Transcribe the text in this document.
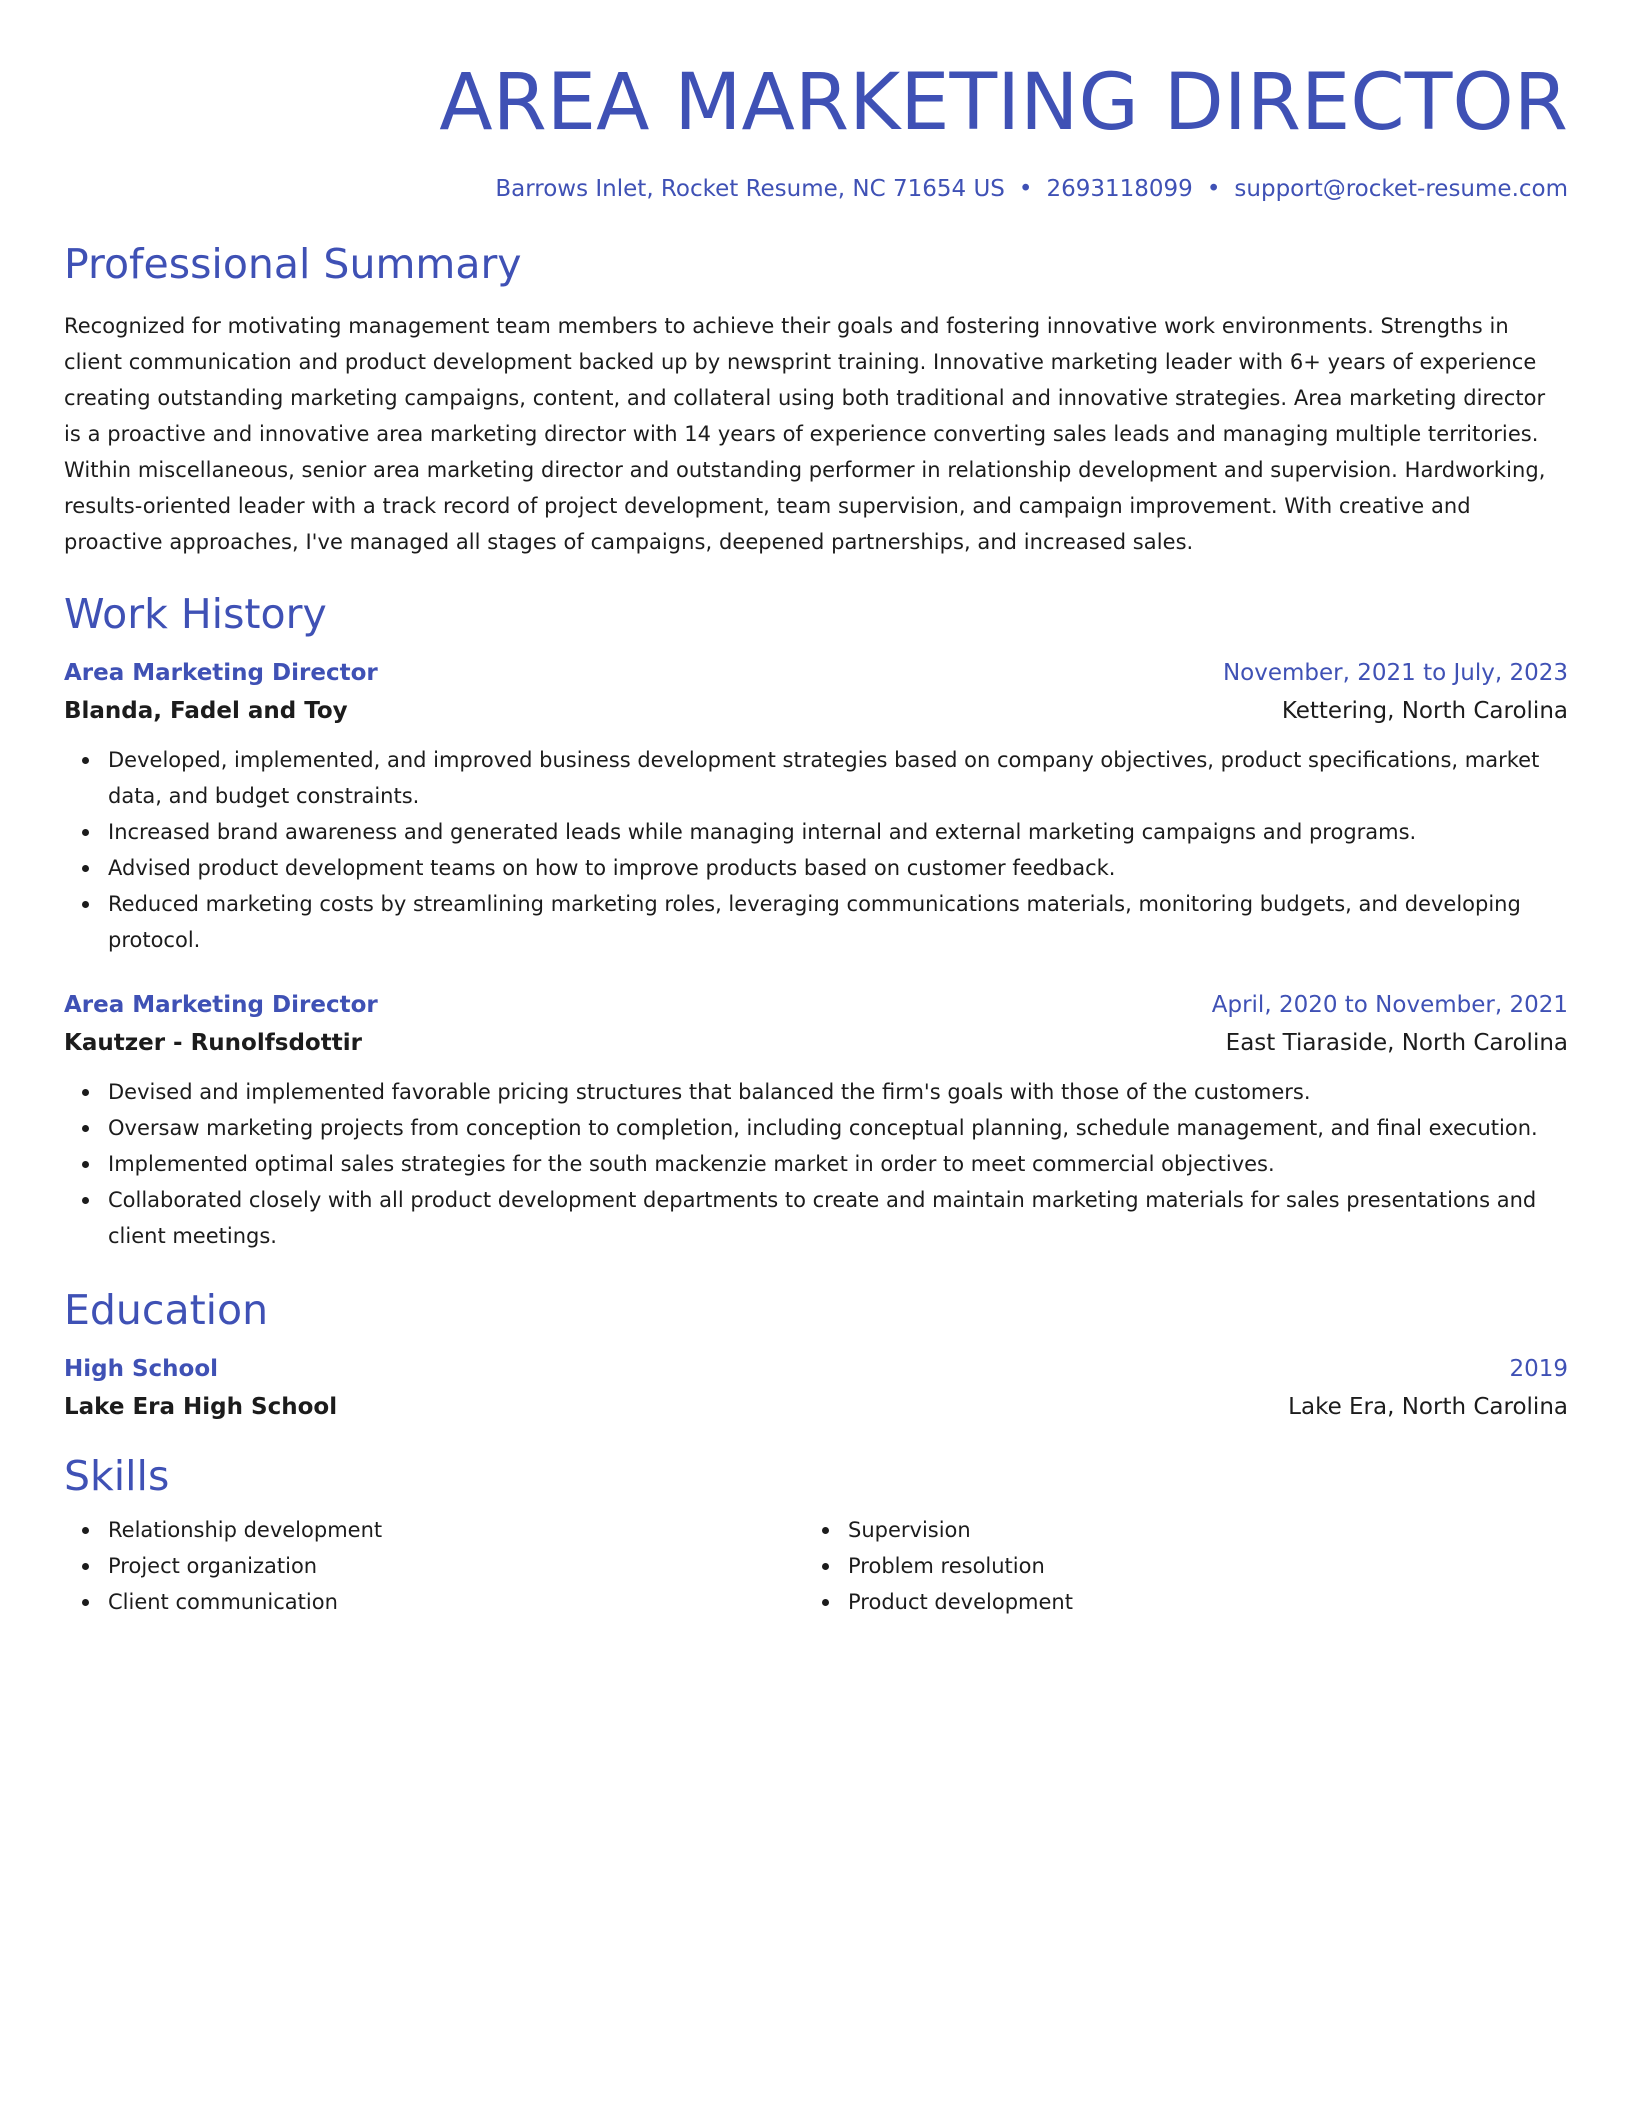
AREA MARKETING DIRECTOR
Barrows Inlet, Rocket Resume, NC 71654 US • 2693118099 • support@rocket-resume.com
Professional Summary

Recognized for motivating management team members to achieve their goals and fostering innovative work environments. Strengths in client communication and product development backed up by newsprint training. Innovative marketing leader with 6+ years of experience creating outstanding marketing campaigns, content, and collateral using both traditional and innovative strategies. Area marketing director is a proactive and innovative area marketing director with 14 years of experience converting sales leads and managing multiple territories. Within miscellaneous, senior area marketing director and outstanding performer in relationship development and supervision. Hardworking, results-oriented leader with a track record of project development, team supervision, and campaign improvement. With creative and proactive approaches, I've managed all stages of campaigns, deepened partnerships, and increased sales.

Work History
Area Marketing Director	November, 2021 to July, 2023
Blanda, Fadel and Toy	Kettering, North Carolina
Developed, implemented, and improved business development strategies based on company objectives, product specifications, market data, and budget constraints.
Increased brand awareness and generated leads while managing internal and external marketing campaigns and programs.
Advised product development teams on how to improve products based on customer feedback.
Reduced marketing costs by streamlining marketing roles, leveraging communications materials, monitoring budgets, and developing protocol.
Area Marketing Director	April, 2020 to November, 2021
Kautzer - Runolfsdottir	East Tiaraside, North Carolina
Devised and implemented favorable pricing structures that balanced the firm's goals with those of the customers.
Oversaw marketing projects from conception to completion, including conceptual planning, schedule management, and final execution.
Implemented optimal sales strategies for the south mackenzie market in order to meet commercial objectives.
Collaborated closely with all product development departments to create and maintain marketing materials for sales presentations and client meetings.
Education
High School	2019
Lake Era High School	Lake Era, North Carolina
Skills
Relationship development
Project organization
Client communication
Supervision
Problem resolution
Product development
